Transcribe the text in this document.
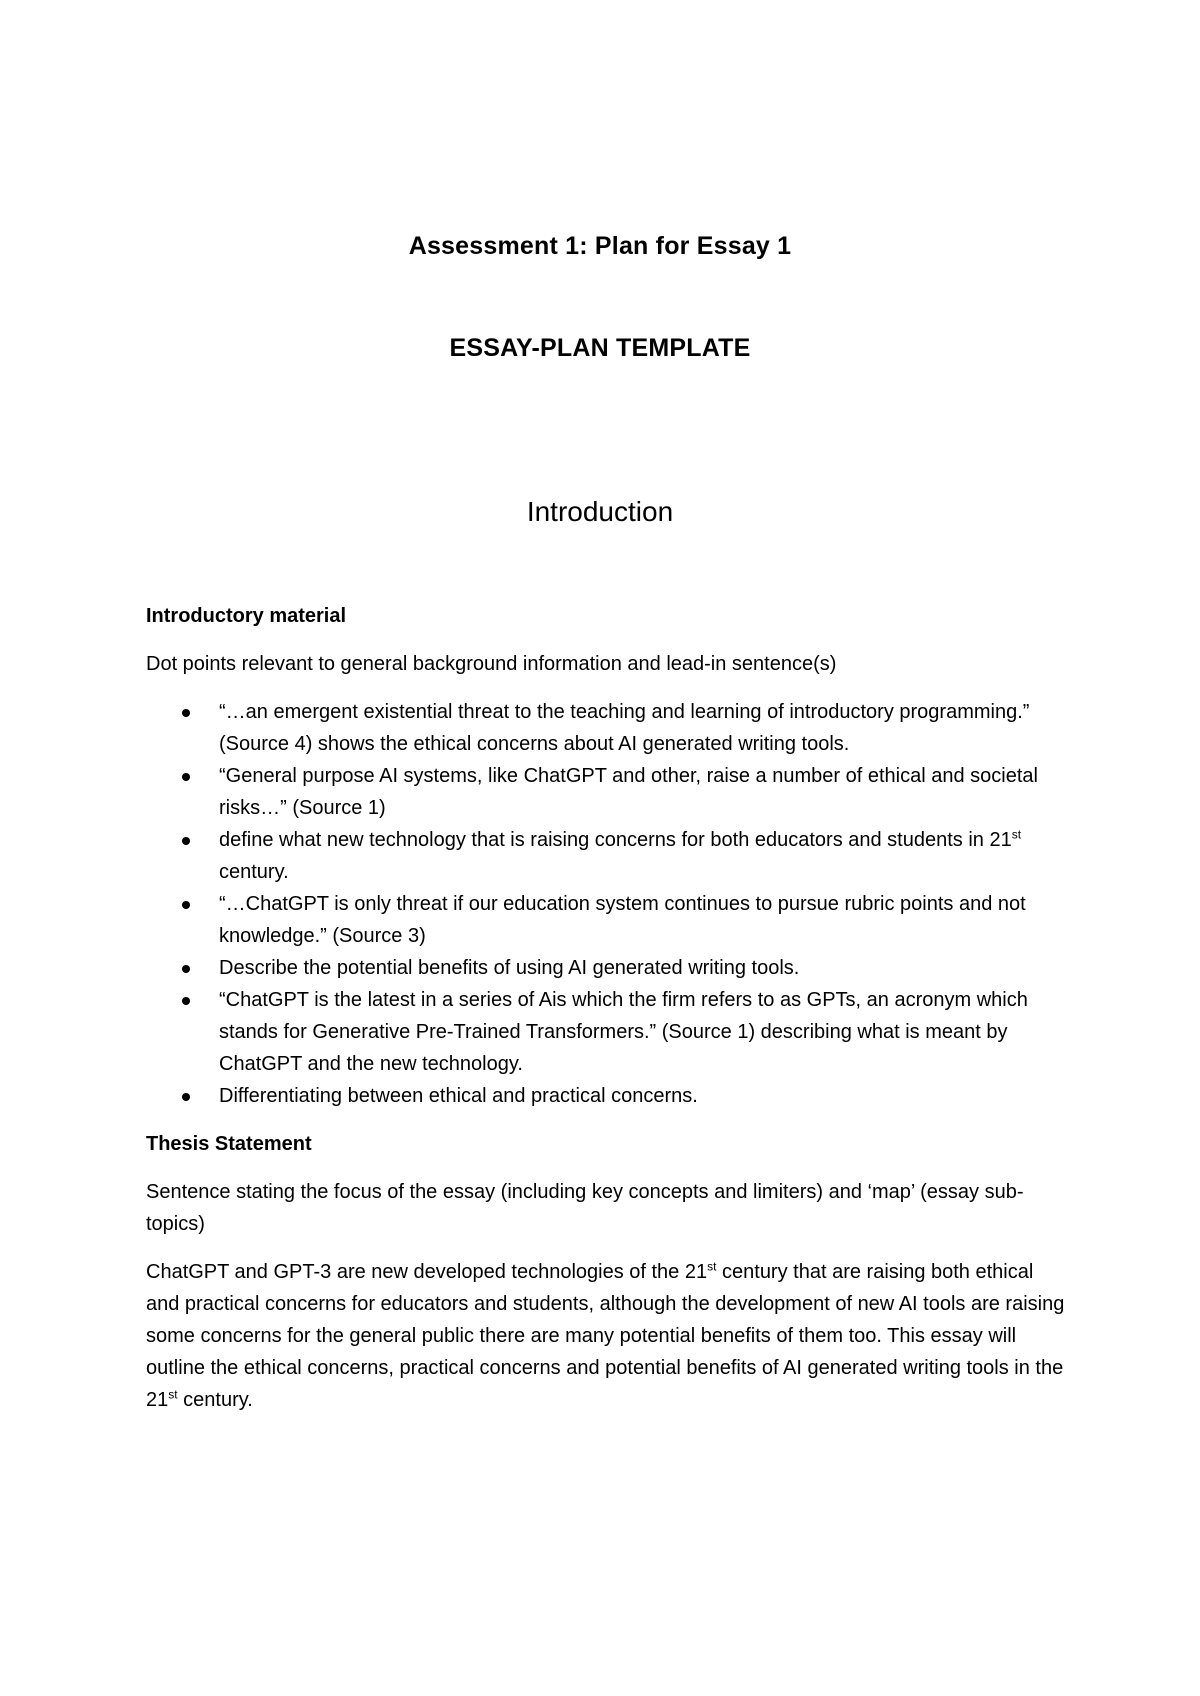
Assessment 1: Plan for Essay 1
ESSAY-PLAN TEMPLATE
Introduction
Introductory material
Dot points relevant to general background information and lead-in sentence(s)
“…an emergent existential threat to the teaching and learning of introductory programming.” (Source 4) shows the ethical concerns about AI generated writing tools.
“General purpose AI systems, like ChatGPT and other, raise a number of ethical and societal risks…” (Source 1)
define what new technology that is raising concerns for both educators and students in 21st century.
“…ChatGPT is only threat if our education system continues to pursue rubric points and not knowledge.” (Source 3)
Describe the potential benefits of using AI generated writing tools.
“ChatGPT is the latest in a series of Ais which the firm refers to as GPTs, an acronym which stands for Generative Pre-Trained Transformers.” (Source 1) describing what is meant by ChatGPT and the new technology.
Differentiating between ethical and practical concerns.
Thesis Statement
Sentence stating the focus of the essay (including key concepts and limiters) and ‘map’ (essay sub-topics)
ChatGPT and GPT-3 are new developed technologies of the 21st century that are raising both ethical and practical concerns for educators and students, although the development of new AI tools are raising some concerns for the general public there are many potential benefits of them too. This essay will outline the ethical concerns, practical concerns and potential benefits of AI generated writing tools in the 21st century.
